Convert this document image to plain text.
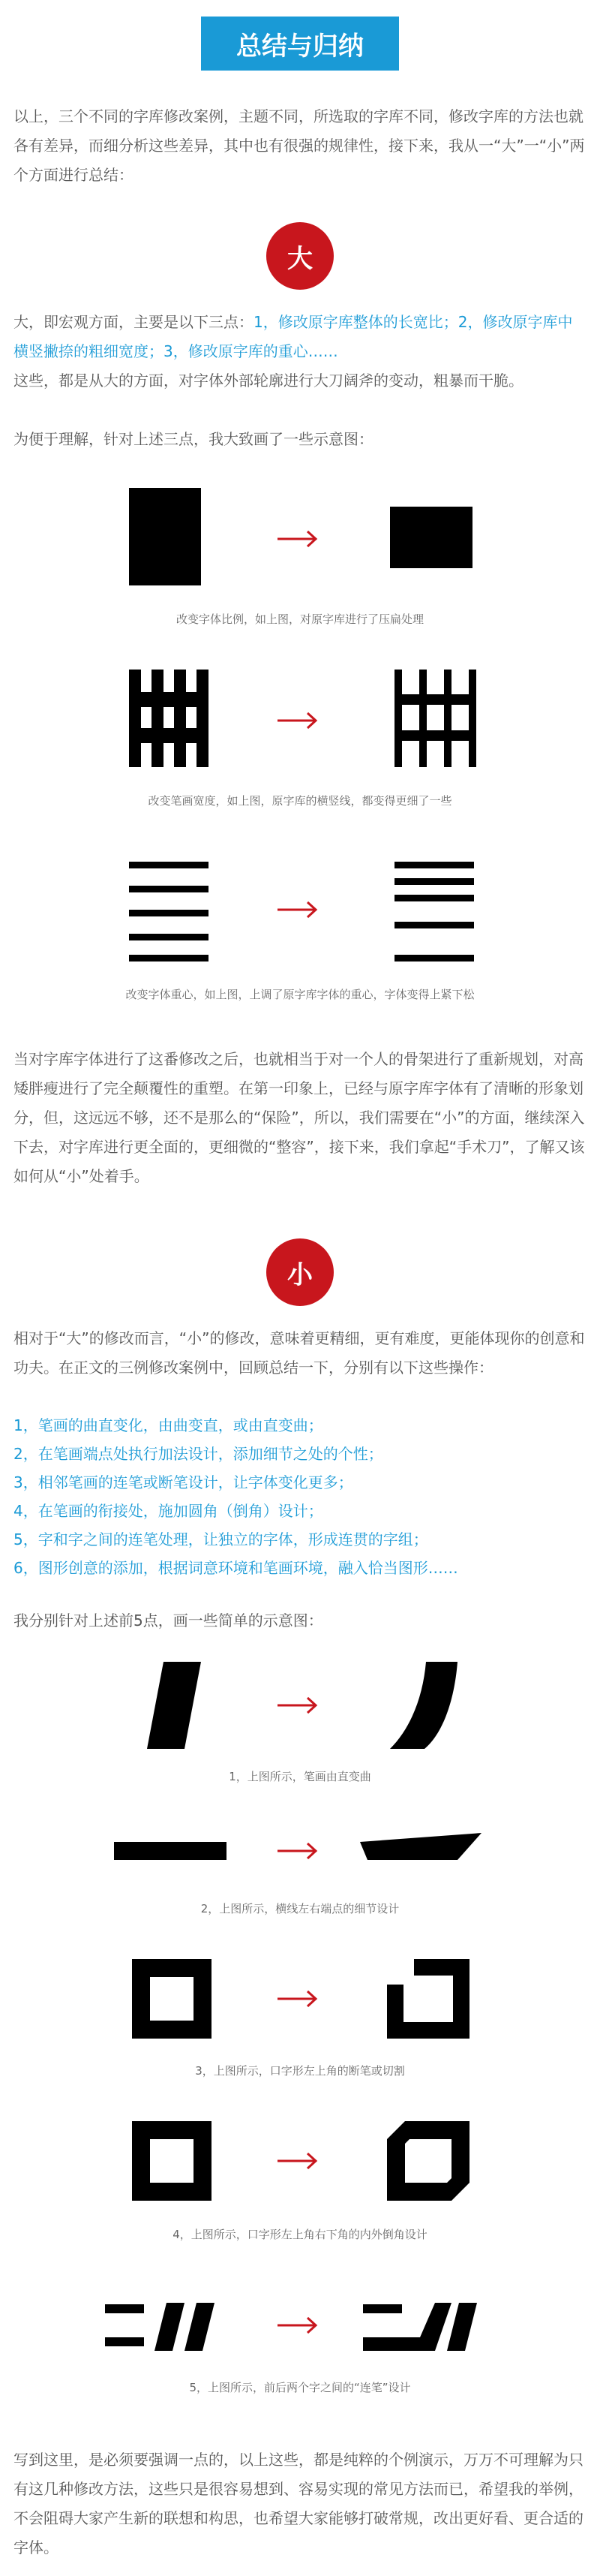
总结与归纳

以上，三个不同的字库修改案例，主题不同，所选取的字库不同，修改字库的方法也就各有差异，而细分析这些差异，其中也有很强的规律性，接下来，我从一“大”一“小”两个方面进行总结：

大

大，即宏观方面，主要是以下三点：1，修改原字库整体的长宽比；2，修改原字库中横竖撇捺的粗细宽度；3，修改原字库的重心……
这些，都是从大的方面，对字体外部轮廓进行大刀阔斧的变动，粗暴而干脆。

为便于理解，针对上述三点，我大致画了一些示意图：

改变字体比例，如上图，对原字库进行了压扁处理
改变笔画宽度，如上图，原字库的横竖线，都变得更细了一些
改变字体重心，如上图，上调了原字库字体的重心，字体变得上紧下松

当对字库字体进行了这番修改之后，也就相当于对一个人的骨架进行了重新规划，对高矮胖瘦进行了完全颠覆性的重塑。在第一印象上，已经与原字库字体有了清晰的形象划分，但，这远远不够，还不是那么的“保险”，所以，我们需要在“小”的方面，继续深入下去，对字库进行更全面的，更细微的“整容”，接下来，我们拿起“手术刀”，了解又该如何从“小”处着手。

小

相对于“大”的修改而言，“小”的修改，意味着更精细，更有难度，更能体现你的创意和功夫。在正文的三例修改案例中，回顾总结一下，分别有以下这些操作：

1，笔画的曲直变化，由曲变直，或由直变曲；
2，在笔画端点处执行加法设计，添加细节之处的个性；
3，相邻笔画的连笔或断笔设计，让字体变化更多；
4，在笔画的衔接处，施加圆角（倒角）设计；
5，字和字之间的连笔处理，让独立的字体，形成连贯的字组；
6，图形创意的添加，根据词意环境和笔画环境，融入恰当图形……

我分别针对上述前5点，画一些简单的示意图：

1，上图所示，笔画由直变曲
2，上图所示，横线左右端点的细节设计
3，上图所示，口字形左上角的断笔或切割
4，上图所示，口字形左上角右下角的内外倒角设计
5，上图所示，前后两个字之间的“连笔”设计

写到这里，是必须要强调一点的，以上这些，都是纯粹的个例演示，万万不可理解为只有这几种修改方法，这些只是很容易想到、容易实现的常见方法而已，希望我的举例，不会阻碍大家产生新的联想和构思，也希望大家能够打破常规，改出更好看、更合适的字体。
